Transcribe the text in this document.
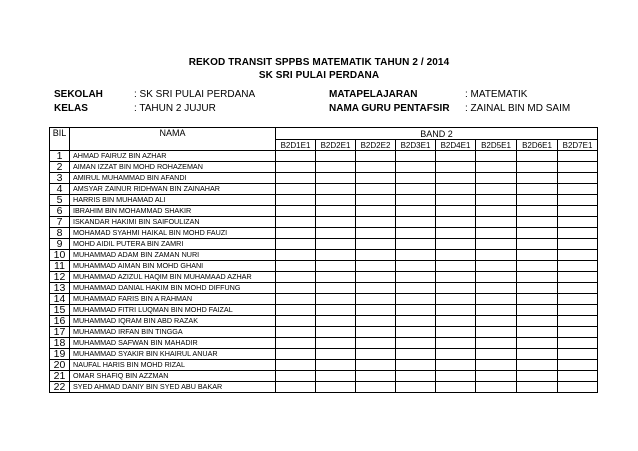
REKOD TRANSIT SPPBS MATEMATIK TAHUN 2 / 2014
SK SRI PULAI PERDANA
SEKOLAH	: SK SRI PULAI PERDANA	MATAPELAJARAN	: MATEMATIK
KELAS	: TAHUN 2 JUJUR	NAMA GURU PENTAFSIR : ZAINAL BIN MD SAIM
BIL	NAMA	BAND 2							
		B2D1E1	B2D2E1	B2D2E2	B2D3E1	B2D4E1	B2D5E1	B2D6E1	B2D7E1
1	AHMAD FAIRUZ BIN AZHAR								
2	AIMAN IZZAT BIN MOHD ROHAZEMAN								
3	AMIRUL MUHAMMAD BIN AFANDI								
4	AMSYAR ZAINUR RIDHWAN BIN ZAINAHAR								
5	HARRIS BIN MUHAMAD ALI								
6	IBRAHIM BIN MOHAMMAD SHAKIR								
7	ISKANDAR HAKIMI BIN SAIFOULIZAN								
8	MOHAMAD SYAHMI HAIKAL BIN MOHD FAUZI								
9	MOHD AIDIL PUTERA BIN ZAMRI								
10	MUHAMMAD ADAM BIN ZAMAN NURI								
11	MUHAMMAD AIMAN BIN MOHD GHANI								
12	MUHAMMAD AZIZUL HAQIM BIN MUHAMAAD AZHAR								
13	MUHAMMAD DANIAL HAKIM BIN MOHD DIFFUNG								
14	MUHAMMAD FARIS BIN A RAHMAN								
15	MUHAMMAD FITRI LUQMAN BIN MOHD FAIZAL								
16	MUHAMMAD IQRAM BIN ABD RAZAK								
17	MUHAMMAD IRFAN BIN TINGGA								
18	MUHAMMAD SAFWAN BIN MAHADIR								
19	MUHAMMAD SYAKIR BIN KHAIRUL ANUAR								
20	NAUFAL HARIS BIN MOHD RIZAL								
21	OMAR SHAFIQ BIN AZZMAN								
22	SYED AHMAD DANIY BIN SYED ABU BAKAR								
